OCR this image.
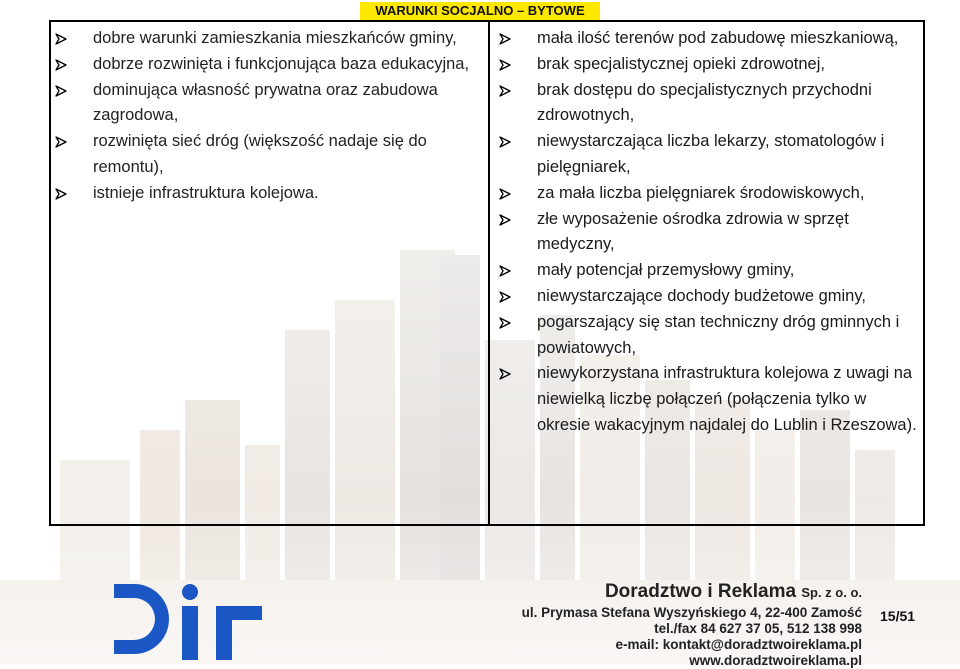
WARUNKI SOCJALNO – BYTOWE
dobre warunki zamieszkania mieszkańców gminy,
dobrze rozwinięta i funkcjonująca baza edukacyjna,
dominująca własność prywatna oraz zabudowa zagrodowa,
rozwinięta sieć dróg (większość nadaje się do remontu),
istnieje infrastruktura kolejowa.
mała ilość terenów pod zabudowę mieszkaniową,
brak specjalistycznej opieki zdrowotnej,
brak dostępu do specjalistycznych przychodni zdrowotnych,
niewystarczająca liczba lekarzy, stomatologów i pielęgniarek,
za mała liczba pielęgniarek środowiskowych,
złe wyposażenie ośrodka zdrowia w sprzęt medyczny,
mały potencjał przemysłowy gminy,
niewystarczające dochody budżetowe gminy,
pogarszający się stan techniczny dróg gminnych i powiatowych,
niewykorzystana infrastruktura kolejowa z uwagi na niewielką liczbę połączeń (połączenia tylko w okresie wakacyjnym najdalej do Lublin i Rzeszowa).
Doradztwo i Reklama Sp. z o. o.
ul. Prymasa Stefana Wyszyńskiego 4, 22-400 Zamość
tel./fax 84 627 37 05, 512 138 998
e-mail: kontakt@doradztwoireklama.pl
www.doradztwoireklama.pl
15/51
